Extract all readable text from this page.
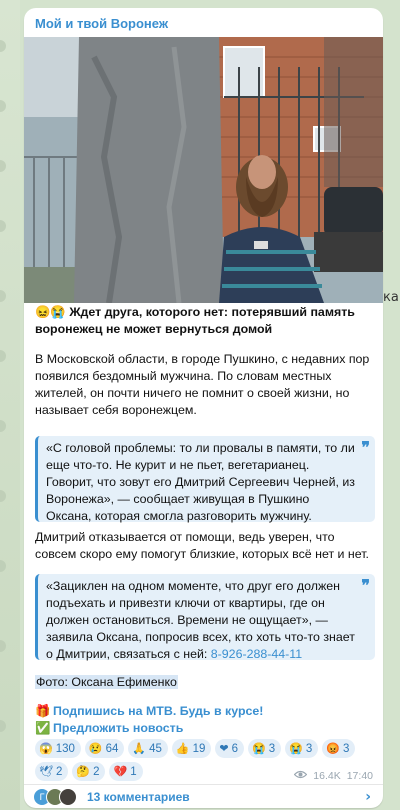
ка
Мой и твой Воронеж
😖😭 Ждет друга, которого нет: потерявший память воронежец не может вернуться домой
В Московской области, в городе Пушкино, с недавних пор появился бездомный мужчина. По словам местных жителей, он почти ничего не помнит о своей жизни, но называет себя воронежцем.
«С головой проблемы: то ли провалы в памяти, то ли еще что-то. Не курит и не пьет, вегетарианец. Говорит, что зовут его Дмитрий Сергеевич Черней, из Воронежа», — сообщает живущая в Пушкино Оксана, которая смогла разговорить мужчину.
❞
Дмитрий отказывается от помощи, ведь уверен, что совсем скоро ему помогут близкие, которых всё нет и нет.
«Зациклен на одном моменте, что друг его должен подъехать и привезти ключи от квартиры, где он должен остановиться. Времени не ощущает», — заявила Оксана, попросив всех, кто хоть что-то знает о Дмитрии, связаться с ней: 8-926-288-44-11
❞
Фото: Оксана Ефименко
🎁 Подпишись на МТВ. Будь в курсе!
✅ Предложить новость
😱 130 😢 64 🙏 45 👍 19 ❤ 6 😭 3 😭 3 😡 3
🕊 2 🤔 2 💔 1	16.4K 17:40
Г	13 комментариев	›
